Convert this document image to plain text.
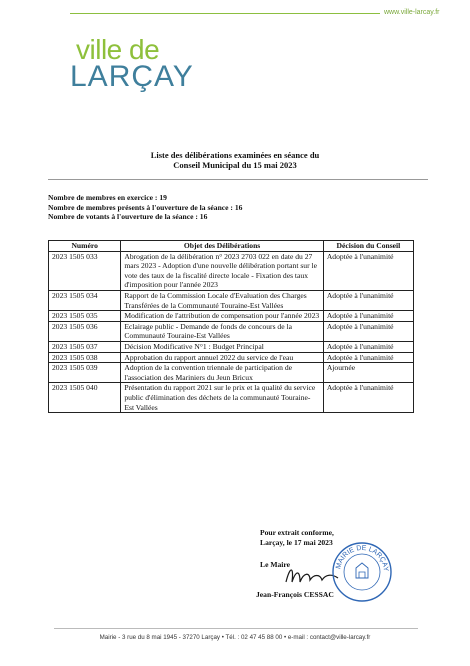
www.ville-larcay.fr
ville de
LARÇAY
Liste des délibérations examinées en séance du
Conseil Municipal du 15 mai 2023
Nombre de membres en exercice : 19
Nombre de membres présents à l'ouverture de la séance : 16
Nombre de votants à l'ouverture de la séance : 16
Numéro	Objet des Délibérations	Décision du Conseil
2023 1505 033	Abrogation de la délibération n° 2023 2703 022 en date du 27 mars 2023 - Adoption d'une nouvelle délibération portant sur le vote des taux de la fiscalité directe locale - Fixation des taux d'imposition pour l'année 2023	Adoptée à l'unanimité
2023 1505 034	Rapport de la Commission Locale d'Evaluation des Charges Transférées de la Communauté Touraine-Est Vallées	Adoptée à l'unanimité
2023 1505 035	Modification de l'attribution de compensation pour l'année 2023	Adoptée à l'unanimité
2023 1505 036	Eclairage public - Demande de fonds de concours de la Communauté Touraine-Est Vallées	Adoptée à l'unanimité
2023 1505 037	Décision Modificative N°1 : Budget Principal	Adoptée à l'unanimité
2023 1505 038	Approbation du rapport annuel 2022 du service de l'eau	Adoptée à l'unanimité
2023 1505 039	Adoption de la convention triennale de participation de l'association des Mariniers du Jeun Bricux	Ajournée
2023 1505 040	Présentation du rapport 2021 sur le prix et la qualité du service public d'élimination des déchets de la communauté Touraine-Est Vallées	Adoptée à l'unanimité
Pour extrait conforme,
Larçay, le 17 mai 2023
Le Maire
Jean-François CESSAC
MAIRIE DE LARÇAY
Mairie - 3 rue du 8 mai 1945 - 37270 Larçay • Tél. : 02 47 45 88 00 • e-mail : contact@ville-larcay.fr
